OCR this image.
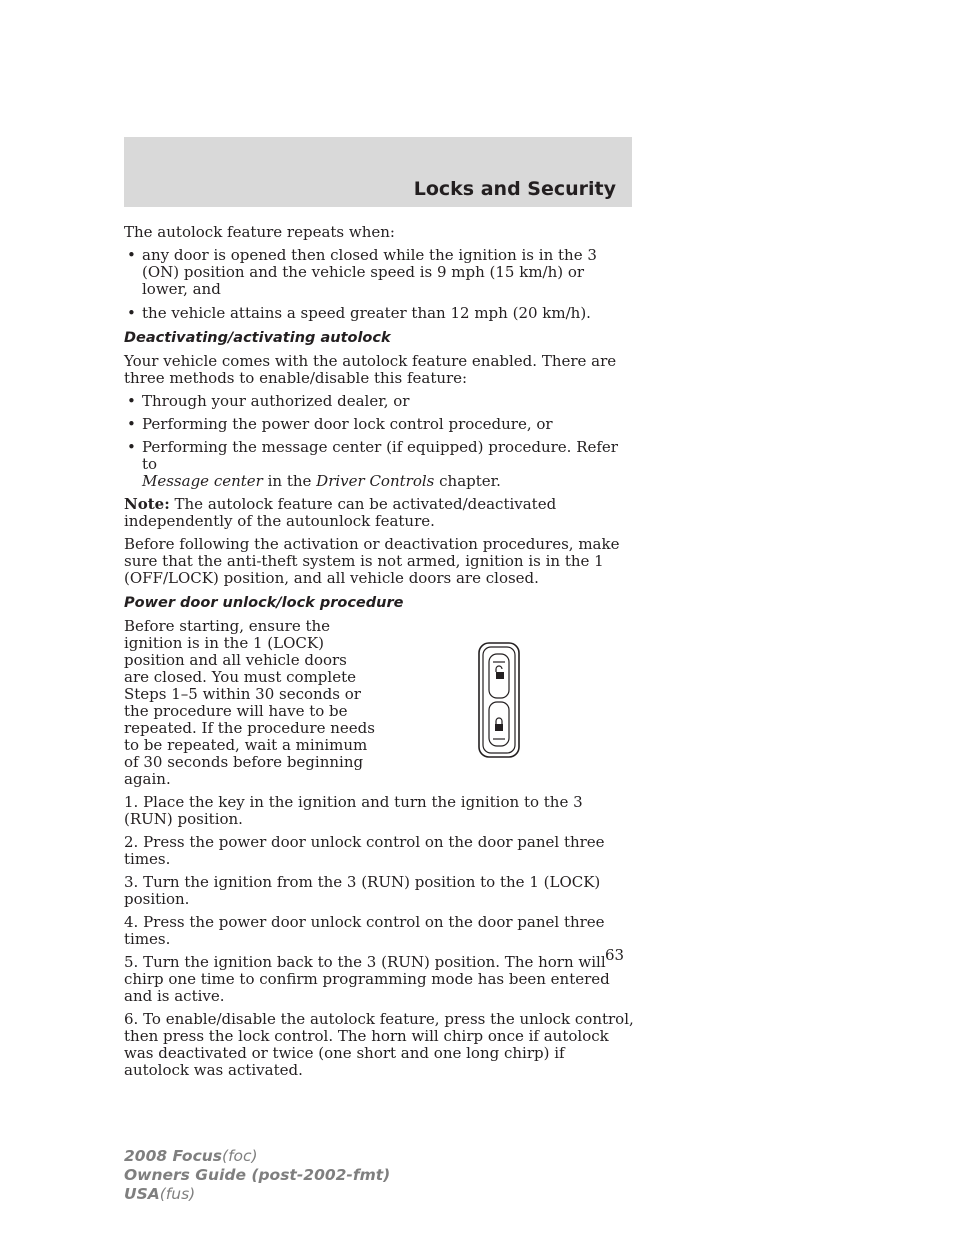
Locks and Security

The autolock feature repeats when:

• any door is opened then closed while the ignition is in the 3 (ON) position and the vehicle speed is 9 mph (15 km/h) or lower, and
• the vehicle attains a speed greater than 12 mph (20 km/h).

Deactivating/activating autolock

Your vehicle comes with the autolock feature enabled. There are three methods to enable/disable this feature:

• Through your authorized dealer, or
• Performing the power door lock control procedure, or
• Performing the message center (if equipped) procedure. Refer to
Message center in the Driver Controls chapter.

Note: The autolock feature can be activated/deactivated independently of the autounlock feature.

Before following the activation or deactivation procedures, make sure that the anti-theft system is not armed, ignition is in the 1 (OFF/LOCK) position, and all vehicle doors are closed.

Power door unlock/lock procedure

Before starting, ensure the ignition is in the 1 (LOCK) position and all vehicle doors are closed. You must complete Steps 1–5 within 30 seconds or the procedure will have to be repeated. If the procedure needs to be repeated, wait a minimum of 30 seconds before beginning again.

1. Place the key in the ignition and turn the ignition to the 3 (RUN) position.

2. Press the power door unlock control on the door panel three times.

3. Turn the ignition from the 3 (RUN) position to the 1 (LOCK) position.

4. Press the power door unlock control on the door panel three times.

5. Turn the ignition back to the 3 (RUN) position. The horn will chirp one time to confirm programming mode has been entered and is active.

6. To enable/disable the autolock feature, press the unlock control, then press the lock control. The horn will chirp once if autolock was deactivated or twice (one short and one long chirp) if autolock was activated.

63
2008 Focus(foc)
Owners Guide (post-2002-fmt)
USA(fus)
